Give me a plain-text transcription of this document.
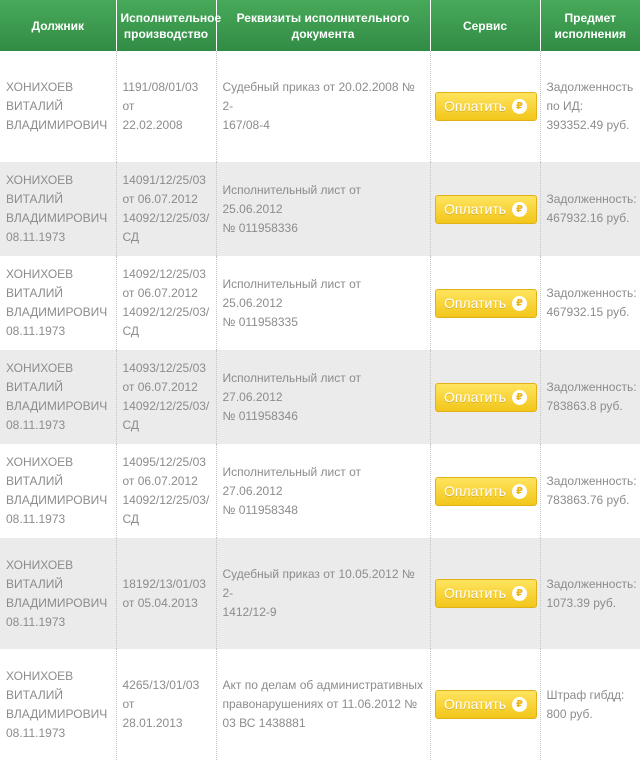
Должник	Исполнительное производство	Реквизиты исполнительного документа	Сервис	Предмет исполнения
ХОНИХОЕВ
ВИТАЛИЙ
ВЛАДИМИРОВИЧ	1191/08/01/03 от
22.02.2008	Судебный приказ от 20.02.2008 № 2-
167/08-4	Оплатить ₽	Задолженность
по ИД:
393352.49 руб.
ХОНИХОЕВ
ВИТАЛИЙ
ВЛАДИМИРОВИЧ
08.11.1973	14091/12/25/03
от 06.07.2012
14092/12/25/03/
СД	Исполнительный лист от 25.06.2012
№ 011958336	Оплатить ₽	Задолженность:
467932.16 руб.
ХОНИХОЕВ
ВИТАЛИЙ
ВЛАДИМИРОВИЧ
08.11.1973	14092/12/25/03
от 06.07.2012
14092/12/25/03/
СД	Исполнительный лист от 25.06.2012
№ 011958335	Оплатить ₽	Задолженность:
467932.15 руб.
ХОНИХОЕВ
ВИТАЛИЙ
ВЛАДИМИРОВИЧ
08.11.1973	14093/12/25/03
от 06.07.2012
14092/12/25/03/
СД	Исполнительный лист от 27.06.2012
№ 011958346	Оплатить ₽	Задолженность:
783863.8 руб.
ХОНИХОЕВ
ВИТАЛИЙ
ВЛАДИМИРОВИЧ
08.11.1973	14095/12/25/03
от 06.07.2012
14092/12/25/03/
СД	Исполнительный лист от 27.06.2012
№ 011958348	Оплатить ₽	Задолженность:
783863.76 руб.
ХОНИХОЕВ
ВИТАЛИЙ
ВЛАДИМИРОВИЧ
08.11.1973	18192/13/01/03
от 05.04.2013	Судебный приказ от 10.05.2012 № 2-
1412/12-9	Оплатить ₽	Задолженность:
1073.39 руб.
ХОНИХОЕВ
ВИТАЛИЙ
ВЛАДИМИРОВИЧ
08.11.1973	4265/13/01/03 от
28.01.2013	Акт по делам об административных
правонарушениях от 11.06.2012 №
03 ВС 1438881	Оплатить ₽	Штраф гибдд:
800 руб.
